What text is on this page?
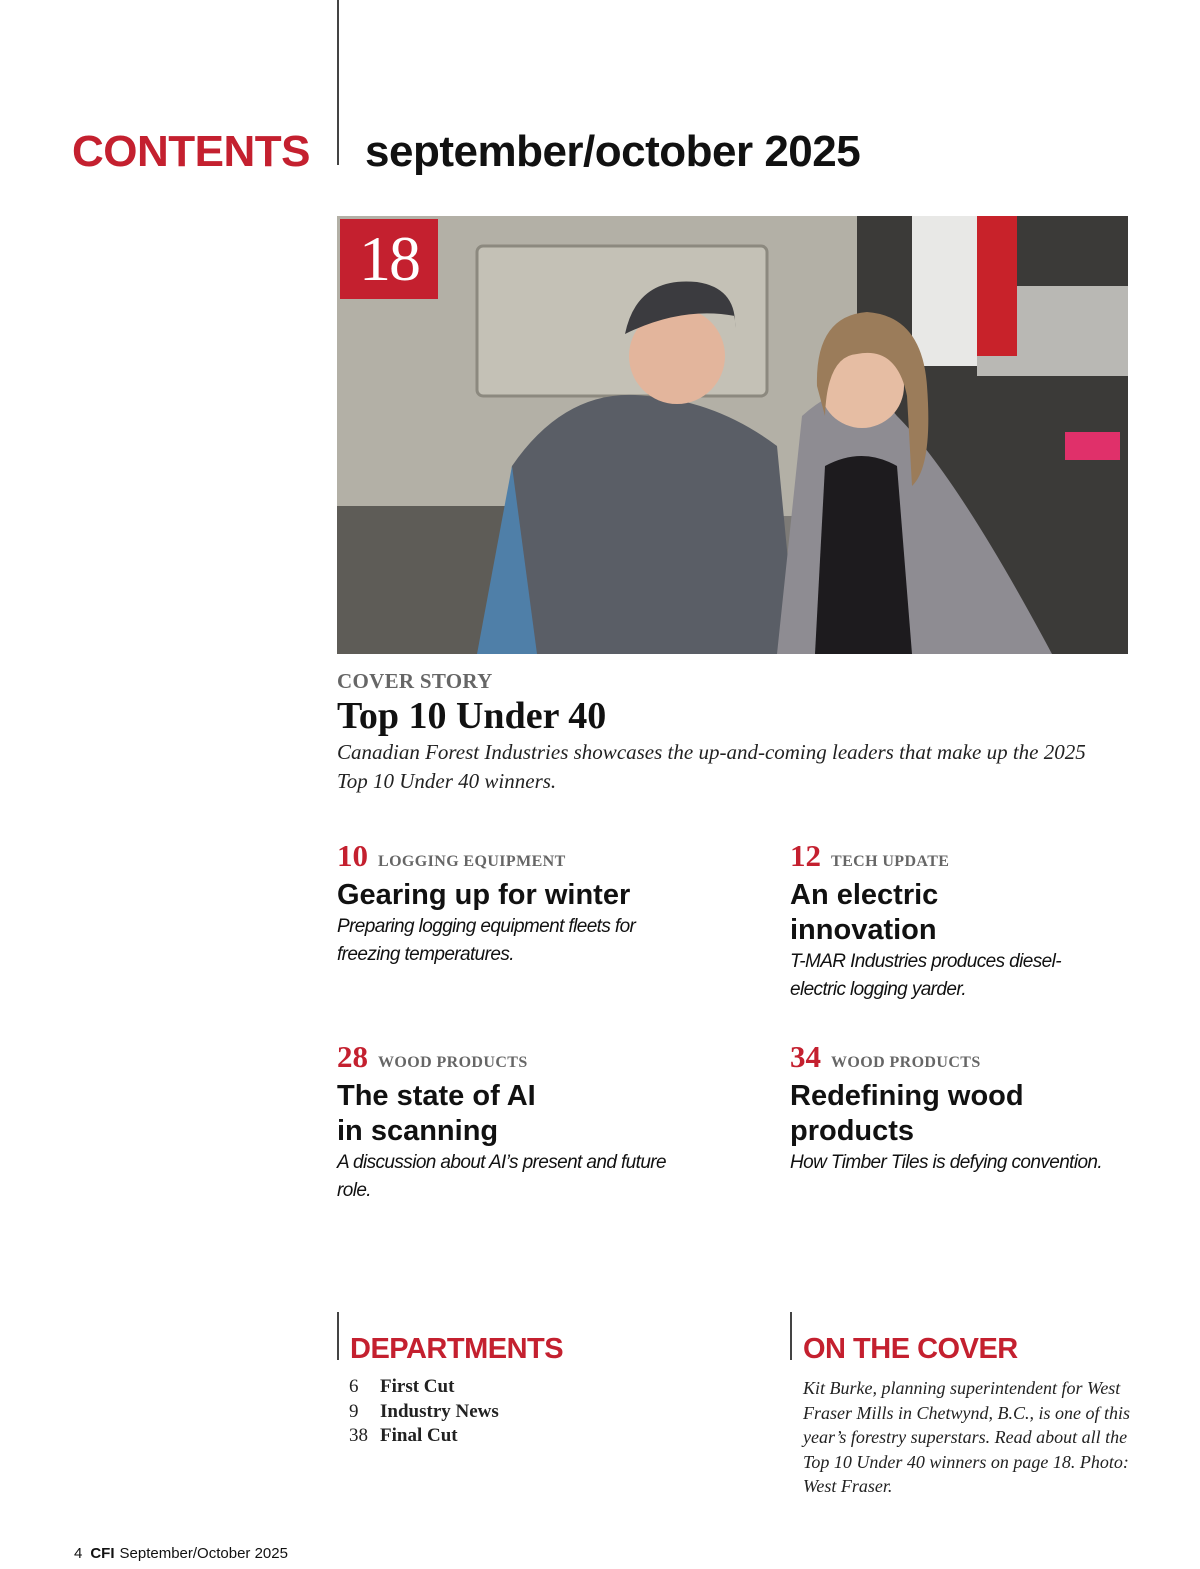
CONTENTS september/october 2025
18
COVER STORY
Top 10 Under 40
Canadian Forest Industries showcases the up-and-coming leaders that make up the 2025 Top 10 Under 40 winners.
10 LOGGING EQUIPMENT
Gearing up for winter
Preparing logging equipment fleets for freezing temperatures.
12 TECH UPDATE
An electric innovation
T-MAR Industries produces diesel-electric logging yarder.
28 WOOD PRODUCTS
The state of AI in scanning
A discussion about AI’s present and future role.
34 WOOD PRODUCTS
Redefining wood products
How Timber Tiles is defying convention.
DEPARTMENTS
6	First Cut
9	Industry News
38 Final Cut
ON THE COVER
Kit Burke, planning superintendent for West Fraser Mills in Chetwynd, B.C., is one of this year’s forestry superstars. Read about all the Top 10 Under 40 winners on page 18. Photo: West Fraser.
4 CFI September/October 2025
